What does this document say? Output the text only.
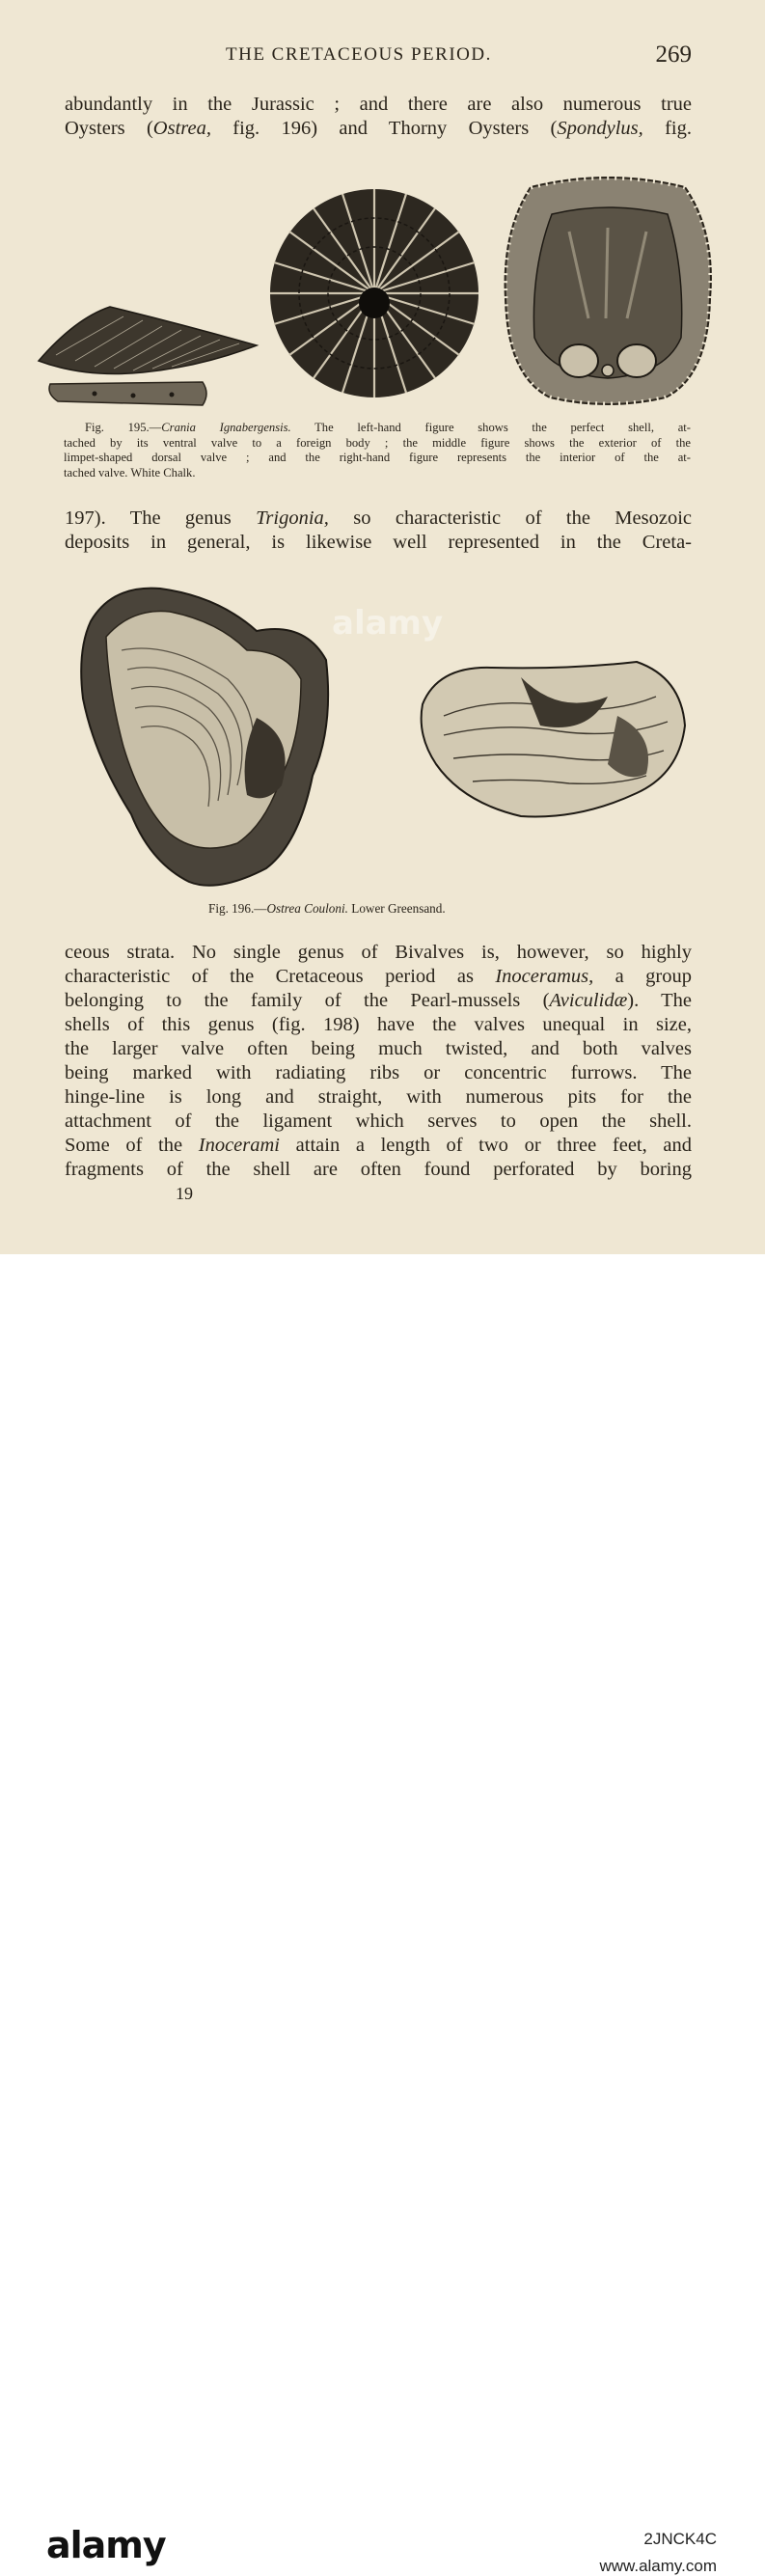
THE CRETACEOUS PERIOD.	269
abundantly in the Jurassic ; and there are also numerous true
Oysters (Ostrea, fig. 196) and Thorny Oysters (Spondylus, fig.
Fig. 195.—Crania Ignabergensis. The left-hand figure shows the perfect shell, at-
tached by its ventral valve to a foreign body ; the middle figure shows the exterior of the
limpet-shaped dorsal valve ; and the right-hand figure represents the interior of the at-
tached valve. White Chalk.
197). The genus Trigonia, so characteristic of the Mesozoic
deposits in general, is likewise well represented in the Creta-
Fig. 196.—Ostrea Couloni. Lower Greensand.
ceous strata. No single genus of Bivalves is, however, so highly
characteristic of the Cretaceous period as Inoceramus, a group
belonging to the family of the Pearl-mussels (Aviculidæ). The
shells of this genus (fig. 198) have the valves unequal in size,
the larger valve often being much twisted, and both valves
being marked with radiating ribs or concentric furrows. The
hinge-line is long and straight, with numerous pits for the
attachment of the ligament which serves to open the shell.
Some of the Inocerami attain a length of two or three feet, and
fragments of the shell are often found perforated by boring
19
alamy
alamy	2JNCK4C
www.alamy.com
